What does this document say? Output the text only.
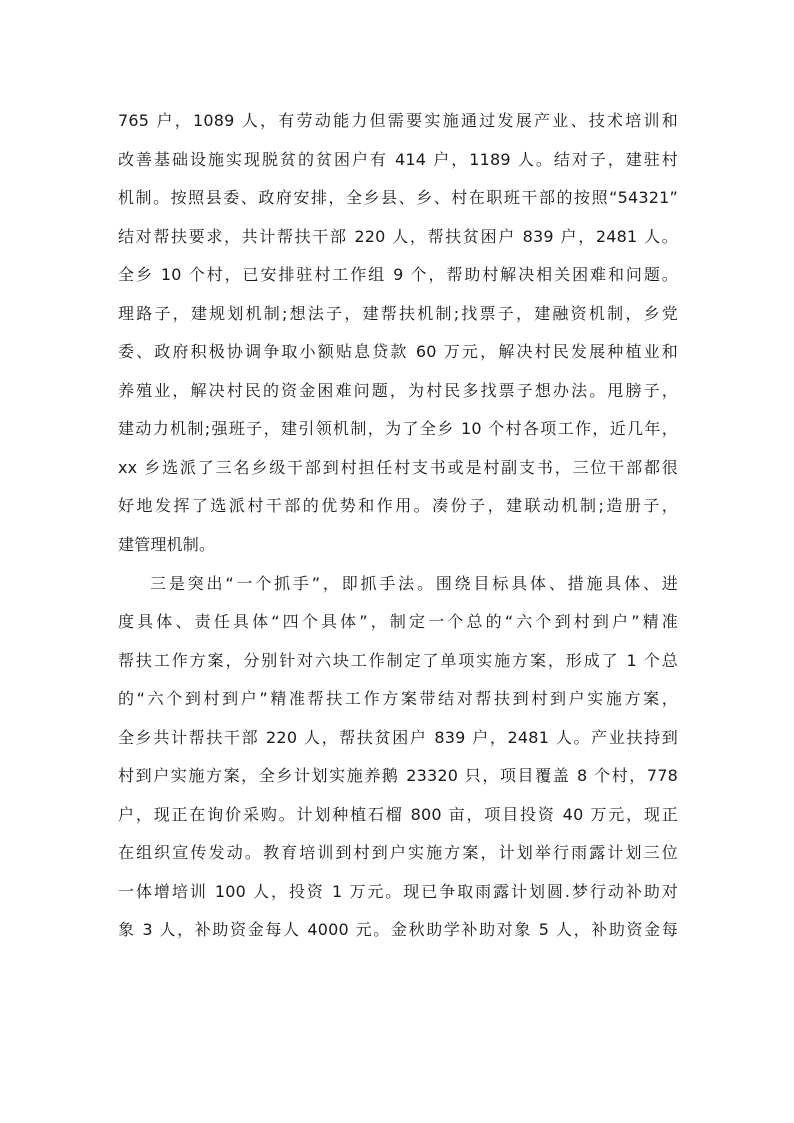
765 户，1089 人，有劳动能力但需要实施通过发展产业、技术培训和
改善基础设施实现脱贫的贫困户有 414 户，1189 人。结对子，建驻村
机制。按照县委、政府安排，全乡县、乡、村在职班干部的按照“54321”
结对帮扶要求，共计帮扶干部 220 人，帮扶贫困户 839 户，2481 人。
全乡 10 个村，已安排驻村工作组 9 个，帮助村解决相关困难和问题。
理路子，建规划机制;想法子，建帮扶机制;找票子，建融资机制，乡党
委、政府积极协调争取小额贴息贷款 60 万元，解决村民发展种植业和
养殖业，解决村民的资金困难问题，为村民多找票子想办法。甩膀子，
建动力机制;强班子，建引领机制，为了全乡 10 个村各项工作，近几年，
xx 乡选派了三名乡级干部到村担任村支书或是村副支书，三位干部都很
好地发挥了选派村干部的优势和作用。凑份子，建联动机制;造册子，
建管理机制。
三是突出“一个抓手”，即抓手法。围绕目标具体、措施具体、进
度具体、责任具体“四个具体”，制定一个总的“六个到村到户”精准
帮扶工作方案，分别针对六块工作制定了单项实施方案，形成了 1 个总
的“六个到村到户”精准帮扶工作方案带结对帮扶到村到户实施方案，
全乡共计帮扶干部 220 人，帮扶贫困户 839 户，2481 人。产业扶持到
村到户实施方案，全乡计划实施养鹅 23320 只，项目覆盖 8 个村，778
户，现正在询价采购。计划种植石榴 800 亩，项目投资 40 万元，现正
在组织宣传发动。教育培训到村到户实施方案，计划举行雨露计划三位
一体增培训 100 人，投资 1 万元。现已争取雨露计划圆.梦行动补助对
象 3 人，补助资金每人 4000 元。金秋助学补助对象 5 人，补助资金每
